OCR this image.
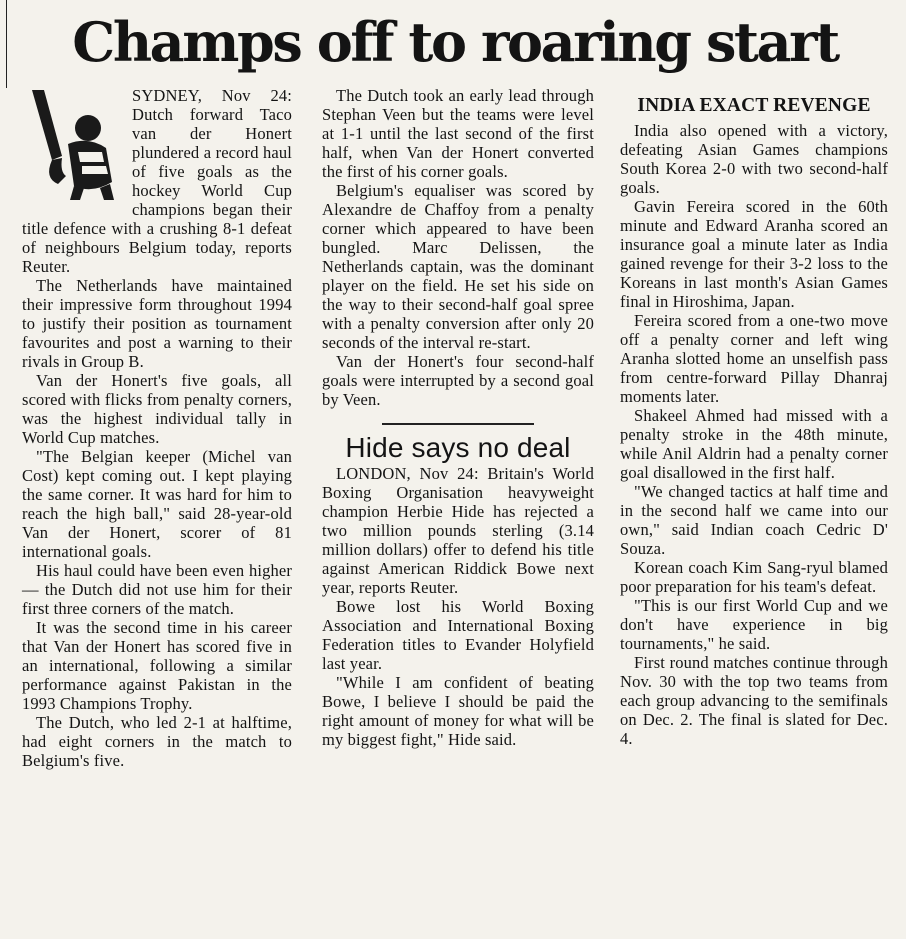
Champs off to roaring start

SYDNEY, Nov 24: Dutch forward Taco van der Honert plundered a record haul of five goals as the hockey World Cup champions began their title defence with a crushing 8-1 defeat of neighbours Belgium today, reports Reuter.

The Netherlands have maintained their impressive form throughout 1994 to justify their position as tournament favourites and post a warning to their rivals in Group B.

Van der Honert's five goals, all scored with flicks from penalty corners, was the highest individual tally in World Cup matches.

"The Belgian keeper (Michel van Cost) kept coming out. I kept playing the same corner. It was hard for him to reach the high ball," said 28-year-old Van der Honert, scorer of 81 international goals.

His haul could have been even higher — the Dutch did not use him for their first three corners of the match.

It was the second time in his career that Van der Honert has scored five in an international, following a similar performance against Pakistan in the 1993 Champions Trophy.

The Dutch, who led 2-1 at halftime, had eight corners in the match to Belgium's five.

The Dutch took an early lead through Stephan Veen but the teams were level at 1-1 until the last second of the first half, when Van der Honert converted the first of his corner goals.

Belgium's equaliser was scored by Alexandre de Chaffoy from a penalty corner which appeared to have been bungled. Marc Delissen, the Netherlands captain, was the dominant player on the field. He set his side on the way to their second-half goal spree with a penalty conversion after only 20 seconds of the interval re-start.

Van der Honert's four second-half goals were interrupted by a second goal by Veen.

Hide says no deal

LONDON, Nov 24: Britain's World Boxing Organisation heavyweight champion Herbie Hide has rejected a two million pounds sterling (3.14 million dollars) offer to defend his title against American Riddick Bowe next year, reports Reuter.

Bowe lost his World Boxing Association and International Boxing Federation titles to Evander Holyfield last year.

"While I am confident of beating Bowe, I believe I should be paid the right amount of money for what will be my biggest fight," Hide said.

INDIA EXACT REVENGE

India also opened with a victory, defeating Asian Games champions South Korea 2-0 with two second-half goals.

Gavin Fereira scored in the 60th minute and Edward Aranha scored an insurance goal a minute later as India gained revenge for their 3-2 loss to the Koreans in last month's Asian Games final in Hiroshima, Japan.

Fereira scored from a one-two move off a penalty corner and left wing Aranha slotted home an unselfish pass from centre-forward Pillay Dhanraj moments later.

Shakeel Ahmed had missed with a penalty stroke in the 48th minute, while Anil Aldrin had a penalty corner goal disallowed in the first half.

"We changed tactics at half time and in the second half we came into our own," said Indian coach Cedric D' Souza.

Korean coach Kim Sang-ryul blamed poor preparation for his team's defeat.

"This is our first World Cup and we don't have experience in big tournaments," he said.

First round matches continue through Nov. 30 with the top two teams from each group advancing to the semifinals on Dec. 2. The final is slated for Dec. 4.
